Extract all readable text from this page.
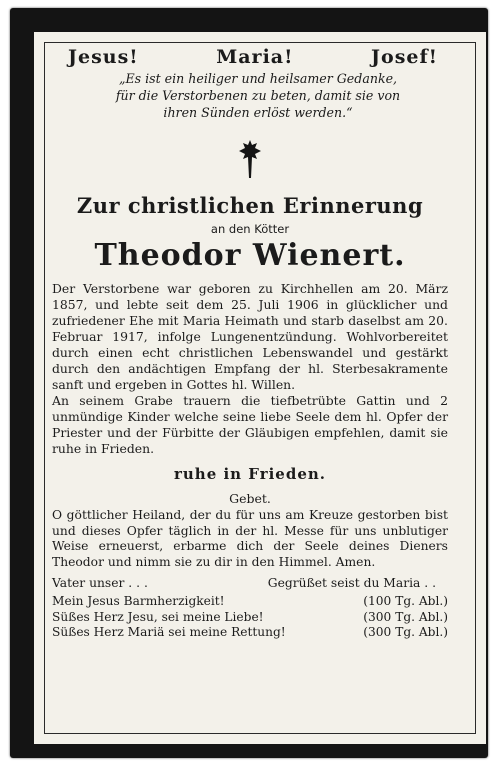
Jesus!	Maria!	Josef!
„Es ist ein heiliger und heilsamer Gedanke,
für die Verstorbenen zu beten, damit sie von
ihren Sünden erlöst werden.“
Zur christlichen Erinnerung
an den Kötter
Theodor Wienert.

Der Verstorbene war geboren zu Kirchhellen am 20. März 1857, und lebte seit dem 25. Juli 1906 in glücklicher und zufriedener Ehe mit Maria Heimath und starb daselbst am 20. Februar 1917, infolge Lungenentzündung. Wohlvorbereitet durch einen echt christlichen Lebenswandel und gestärkt durch den andächtigen Empfang der hl. Sterbesakramente sanft und ergeben in Gottes hl. Willen.

An seinem Grabe trauern die tiefbetrübte Gattin und 2 unmündige Kinder welche seine liebe Seele dem hl. Opfer der Priester und der Fürbitte der Gläubigen empfehlen, damit sie ruhe in Frieden.

ruhe in Frieden.
Gebet.

O göttlicher Heiland, der du für uns am Kreuze gestorben bist und dieses Opfer täglich in der hl. Messe für uns unblutiger Weise erneuerst, erbarme dich der Seele deines Dieners Theodor und nimm sie zu dir in den Himmel. Amen.

Vater unser . . .	Gegrüßet seist du Maria . .
Mein Jesus Barmherzigkeit!	(100 Tg. Abl.)
Süßes Herz Jesu, sei meine Liebe!	(300 Tg. Abl.)
Süßes Herz Mariä sei meine Rettung!	(300 Tg. Abl.)
